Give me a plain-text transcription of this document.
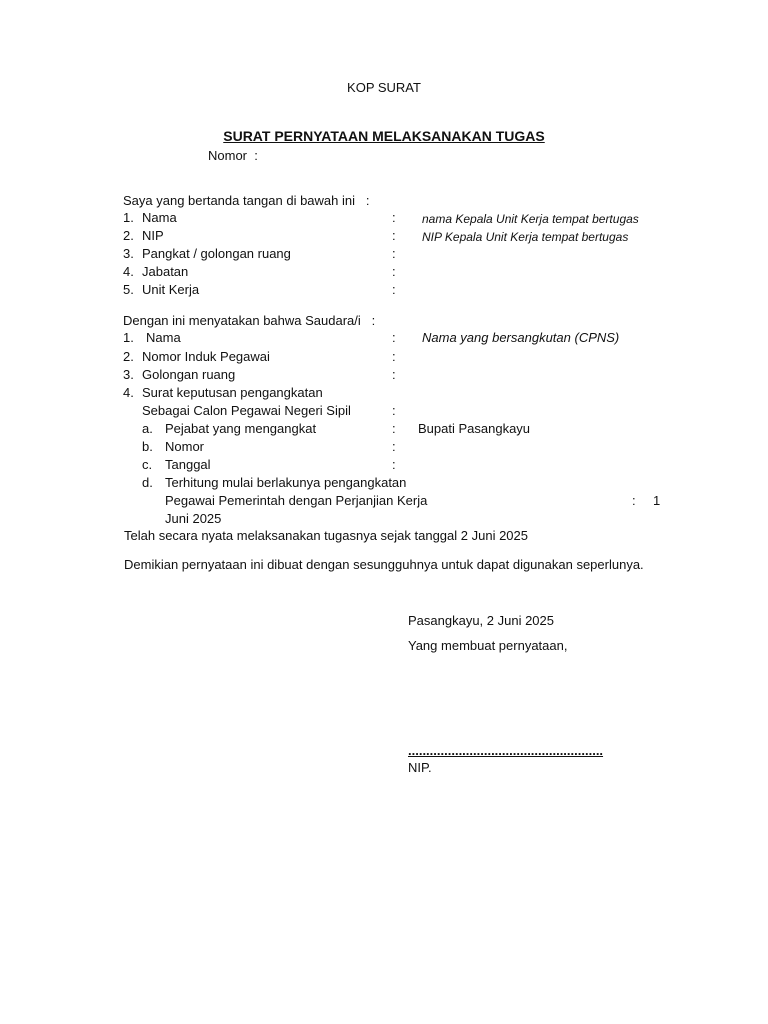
KOP SURAT
SURAT PERNYATAAN MELAKSANAKAN TUGAS
Nomor :
Saya yang bertanda tangan di bawah ini :
1. Nama	: nama Kepala Unit Kerja tempat bertugas
2. NIP	: NIP Kepala Unit Kerja tempat bertugas
3. Pangkat / golongan ruang	:
4. Jabatan	:
5. Unit Kerja	:
Dengan ini menyatakan bahwa Saudara/i :
1. Nama	: Nama yang bersangkutan (CPNS)
2. Nomor Induk Pegawai	:
3. Golongan ruang	:
4. Surat keputusan pengangkatan
Sebagai Calon Pegawai Negeri Sipil	:
a. Pejabat yang mengangkat	: Bupati Pasangkayu
b. Nomor	:
c. Tanggal	:
d. Terhitung mulai berlakunya pengangkatan
Pegawai Pemerintah dengan Perjanjian Kerja	: 1
Juni 2025
Telah secara nyata melaksanakan tugasnya sejak tanggal 2 Juni 2025
Demikian pernyataan ini dibuat dengan sesungguhnya untuk dapat digunakan seperlunya.
Pasangkayu, 2 Juni 2025
Yang membuat pernyataan,
......................................................
NIP.
